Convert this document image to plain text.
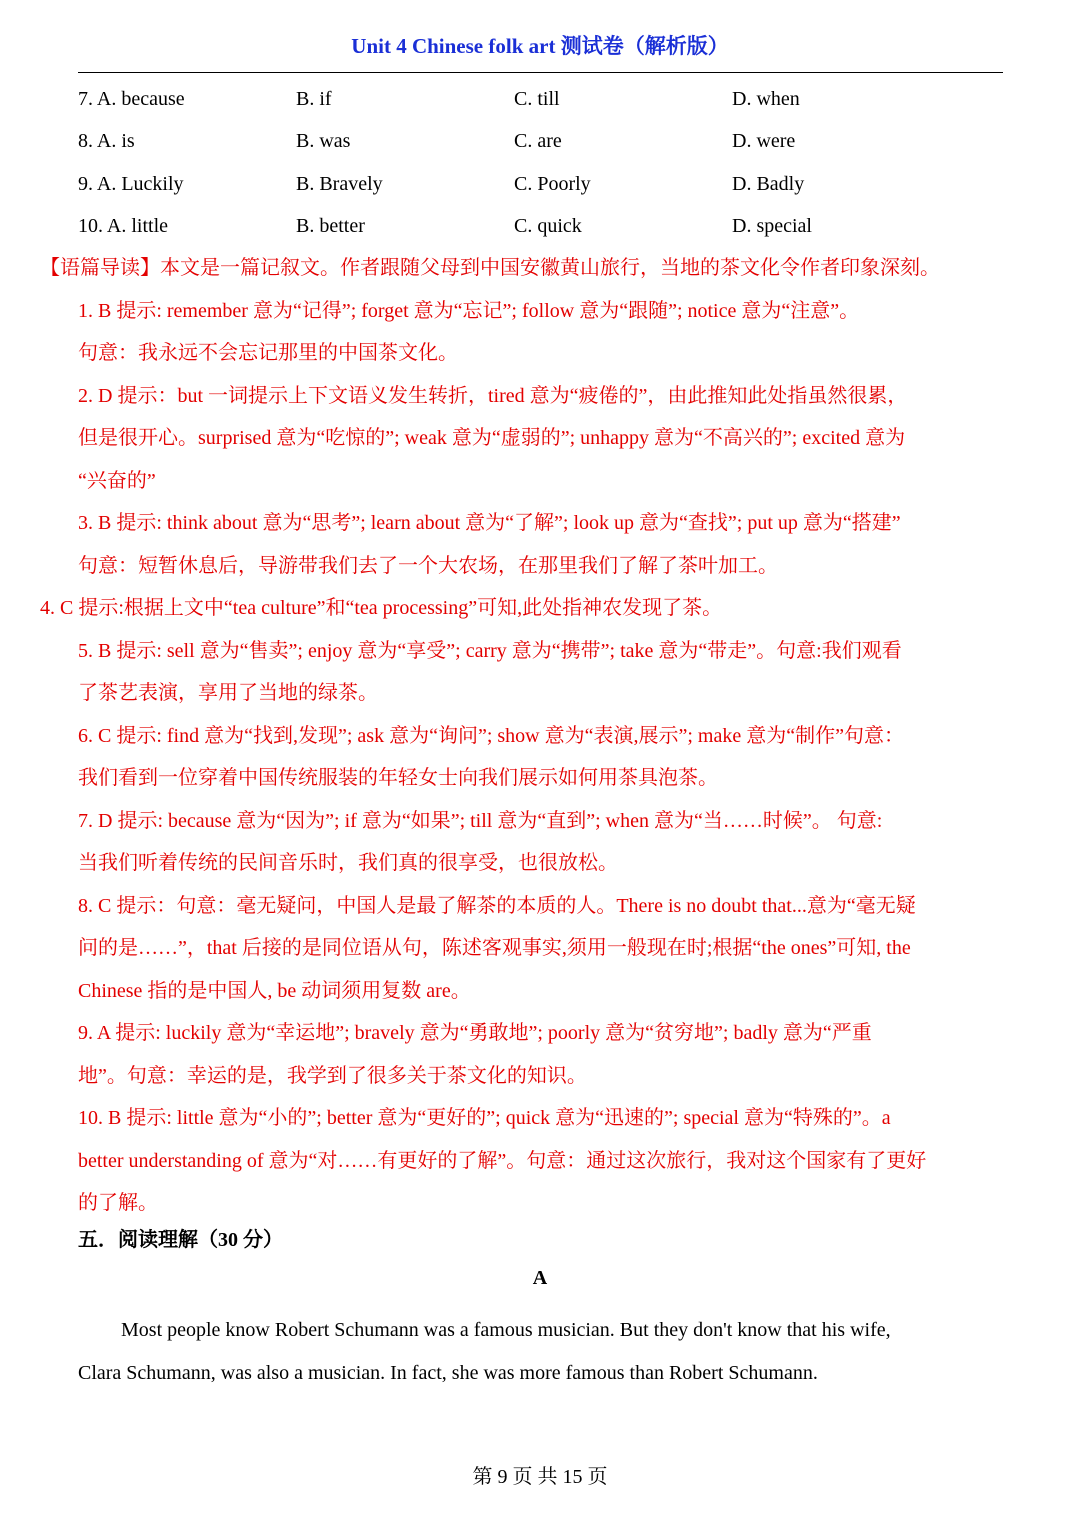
Unit 4 Chinese folk art 测试卷（解析版）
7. A. because	B. if	C. till	D. when
8. A. is	B. was	C. are	D. were
9. A. Luckily	B. Bravely	C. Poorly	D. Badly
10. A. little	B. better	C. quick	D. special
【语篇导读】本文是一篇记叙文。作者跟随父母到中国安徽黄山旅行，当地的茶文化令作者印象深刻。
1. B 提示: remember 意为“记得”; forget 意为“忘记”; follow 意为“跟随”; notice 意为“注意”。
句意：我永远不会忘记那里的中国茶文化。
2. D 提示：but 一词提示上下文语义发生转折，tired 意为“疲倦的”，由此推知此处指虽然很累，
但是很开心。surprised 意为“吃惊的”; weak 意为“虚弱的”; unhappy 意为“不高兴的”; excited 意为
“兴奋的”
3. B 提示: think about 意为“思考”; learn about 意为“了解”; look up 意为“查找”; put up 意为“搭建”
句意：短暂休息后，导游带我们去了一个大农场，在那里我们了解了茶叶加工。
4. C 提示:根据上文中“tea culture”和“tea processing”可知,此处指神农发现了茶。
5. B 提示: sell 意为“售卖”; enjoy 意为“享受”; carry 意为“携带”; take 意为“带走”。句意:我们观看
了茶艺表演，享用了当地的绿茶。
6. C 提示: find 意为“找到,发现”; ask 意为“询问”; show 意为“表演,展示”; make 意为“制作”句意：
我们看到一位穿着中国传统服装的年轻女士向我们展示如何用茶具泡茶。
7. D 提示: because 意为“因为”; if 意为“如果”; till 意为“直到”; when 意为“当……时候”。 句意:
当我们听着传统的民间音乐时，我们真的很享受，也很放松。
8. C 提示：句意：毫无疑问，中国人是最了解茶的本质的人。There is no doubt that...意为“毫无疑
问的是……”，that 后接的是同位语从句，陈述客观事实,须用一般现在时;根据“the ones”可知, the
Chinese 指的是中国人, be 动词须用复数 are。
9. A 提示: luckily 意为“幸运地”; bravely 意为“勇敢地”; poorly 意为“贫穷地”; badly 意为“严重
地”。句意：幸运的是，我学到了很多关于茶文化的知识。
10. B 提示: little 意为“小的”; better 意为“更好的”; quick 意为“迅速的”; special 意为“特殊的”。a
better understanding of 意为“对……有更好的了解”。句意：通过这次旅行，我对这个国家有了更好
的了解。
五．阅读理解（30 分）
A
Most people know Robert Schumann was a famous musician. But they don't know that his wife,
Clara Schumann, was also a musician. In fact, she was more famous than Robert Schumann.
第 9 页 共 15 页
